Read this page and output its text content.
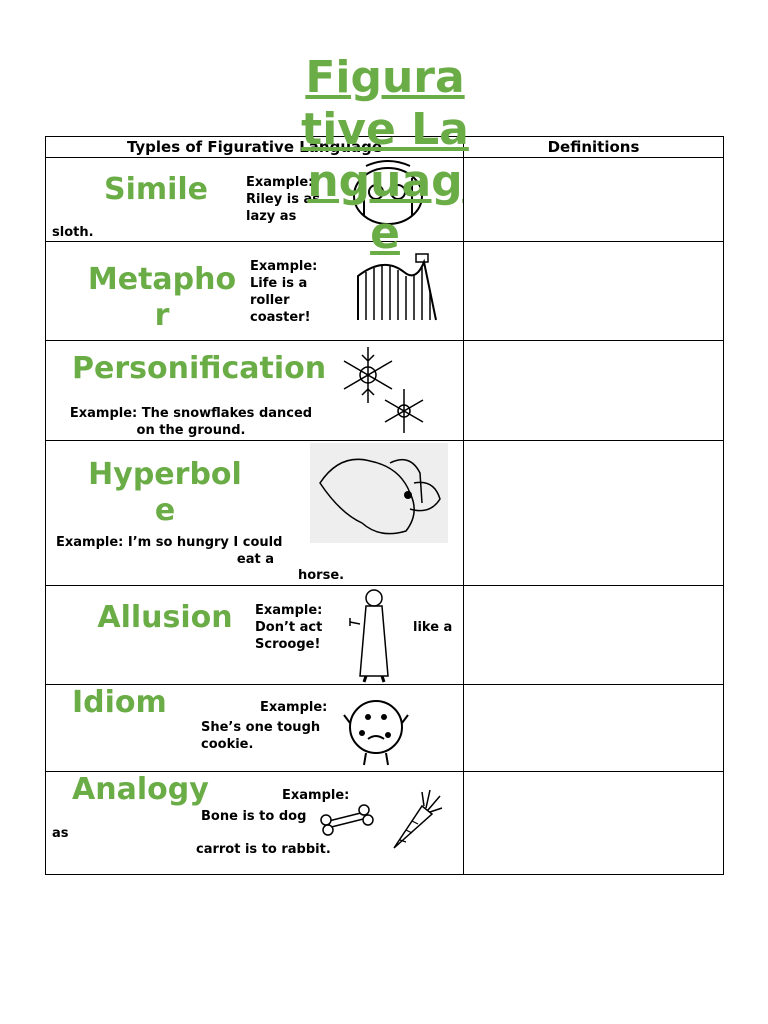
Figurative Language
Typles of Figurative Language	Definitions

Simile Example:
Riley is as
lazy as
sloth.	

Metaphor
Example:
Life is a
roller
coaster!	

Personification
Example: The snowflakes danced
on the ground.	

Hyperbole
Example: I’m so hungry I could
eat a
horse.	

Allusion Example:
Don’t act
Scrooge!
like a	

Idiom Example:
She’s one tough
cookie.	

Analogy Example:
Bone is to dog
as
carrot is to rabbit.	
